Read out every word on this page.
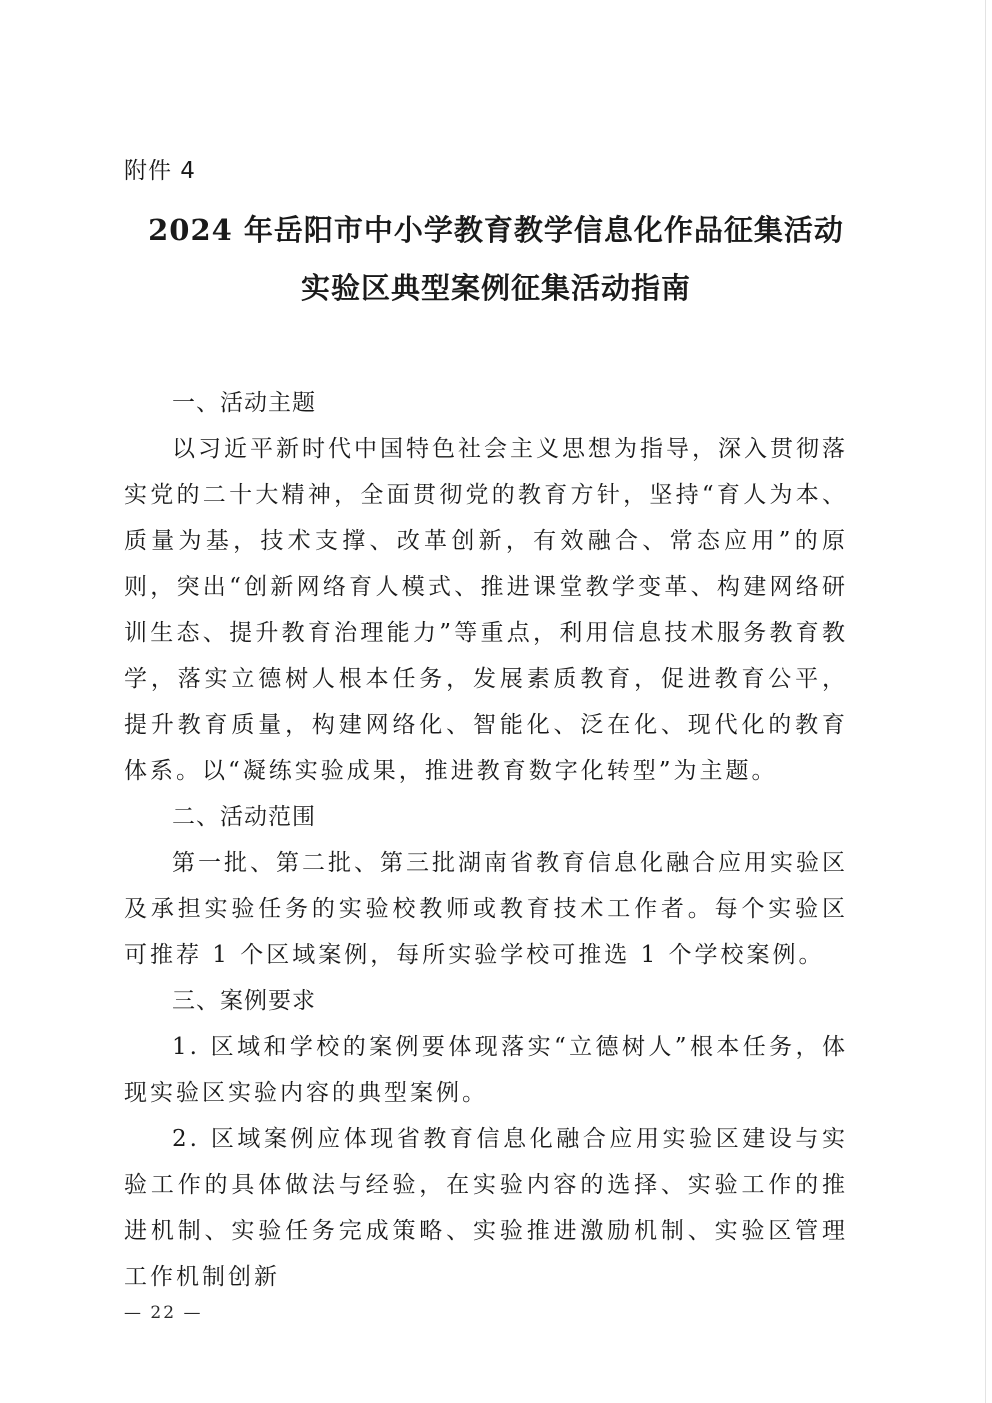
附件 4
2024 年岳阳市中小学教育教学信息化作品征集活动
实验区典型案例征集活动指南

一、活动主题

以习近平新时代中国特色社会主义思想为指导，深入贯彻落实党的二十大精神，全面贯彻党的教育方针，坚持“育人为本、质量为基，技术支撑、改革创新，有效融合、常态应用”的原则，突出“创新网络育人模式、推进课堂教学变革、构建网络研训生态、提升教育治理能力”等重点，利用信息技术服务教育教学，落实立德树人根本任务，发展素质教育，促进教育公平，提升教育质量，构建网络化、智能化、泛在化、现代化的教育体系。以“凝练实验成果，推进教育数字化转型”为主题。

二、活动范围

第一批、第二批、第三批湖南省教育信息化融合应用实验区及承担实验任务的实验校教师或教育技术工作者。每个实验区可推荐 1 个区域案例，每所实验学校可推选 1 个学校案例。

三、案例要求

1. 区域和学校的案例要体现落实“立德树人”根本任务，体现实验区实验内容的典型案例。

2. 区域案例应体现省教育信息化融合应用实验区建设与实验工作的具体做法与经验，在实验内容的选择、实验工作的推进机制、实验任务完成策略、实验推进激励机制、实验区管理工作机制创新

— 22 —
